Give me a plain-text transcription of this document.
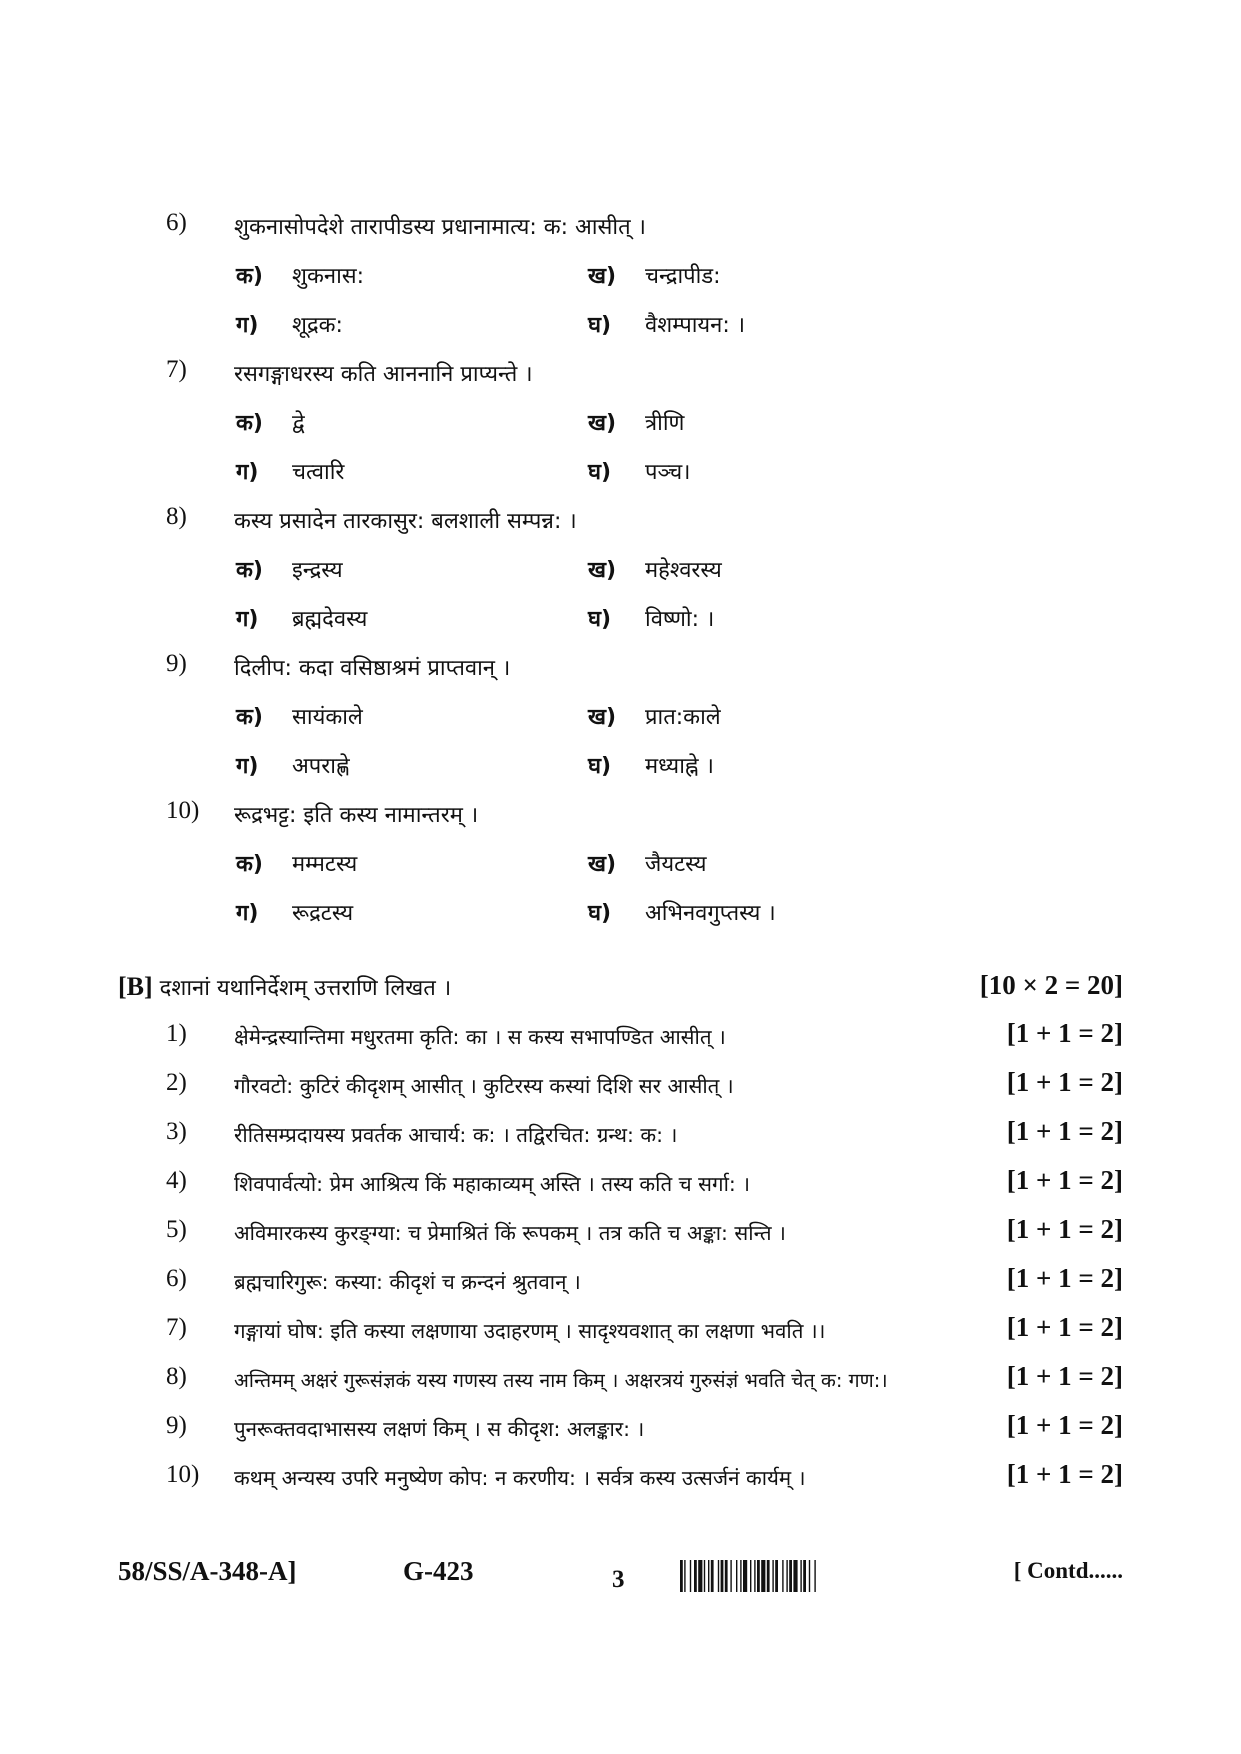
6) शुकनासोपदेशे तारापीडस्य प्रधानामात्य: क: आसीत् ।
क) शुकनास:	ख) चन्द्रापीड:
ग) शूद्रक:	घ) वैशम्पायन: ।
7) रसगङ्गाधरस्य कति आननानि प्राप्यन्ते ।
क) द्वे	ख) त्रीणि
ग) चत्वारि	घ) पञ्च।
8) कस्य प्रसादेन तारकासुर: बलशाली सम्पन्न: ।
क) इन्द्रस्य	ख) महेश्वरस्य
ग) ब्रह्मदेवस्य	घ) विष्णो: ।
9) दिलीप: कदा वसिष्ठाश्रमं प्राप्तवान् ।
क) सायंकाले	ख) प्रात:काले
ग) अपराह्णे	घ) मध्याह्ने ।
10) रूद्रभट्ट: इति कस्य नामान्तरम् ।
क) मम्मटस्य	ख) जैयटस्य
ग) रूद्रटस्य	घ) अभिनवगुप्तस्य ।
[B] दशानां यथानिर्देशम् उत्तराणि लिखत ।	[10 × 2 = 20]
1) क्षेमेन्द्रस्यान्तिमा मधुरतमा कृति: का । स कस्य सभापण्डित आसीत् ।	[1 + 1 = 2]
2) गौरवटो: कुटिरं कीदृशम् आसीत् । कुटिरस्य कस्यां दिशि सर आसीत् ।	[1 + 1 = 2]
3) रीतिसम्प्रदायस्य प्रवर्तक आचार्य: क: । तद्विरचित: ग्रन्थ: क: ।	[1 + 1 = 2]
4) शिवपार्वत्यो: प्रेम आश्रित्य किं महाकाव्यम् अस्ति । तस्य कति च सर्गा: ।	[1 + 1 = 2]
5) अविमारकस्य कुरङ्ग्या: च प्रेमाश्रितं किं रूपकम् । तत्र कति च अङ्का: सन्ति ।	[1 + 1 = 2]
6) ब्रह्मचारिगुरू: कस्या: कीदृशं च क्रन्दनं श्रुतवान् ।	[1 + 1 = 2]
7) गङ्गायां घोष: इति कस्या लक्षणाया उदाहरणम् । सादृश्यवशात् का लक्षणा भवति ।।	[1 + 1 = 2]
8) अन्तिमम् अक्षरं गुरूसंज्ञकं यस्य गणस्य तस्य नाम किम् । अक्षरत्रयं गुरुसंज्ञं भवति चेत् क: गण:।	[1 + 1 = 2]
9) पुनरूक्तवदाभासस्य लक्षणं किम् । स कीदृश: अलङ्कार: ।	[1 + 1 = 2]
10) कथम् अन्यस्य उपरि मनुष्येण कोप: न करणीय: । सर्वत्र कस्य उत्सर्जनं कार्यम् ।	[1 + 1 = 2]
58/SS/A-348-A]	G-423	3	[ Contd......
